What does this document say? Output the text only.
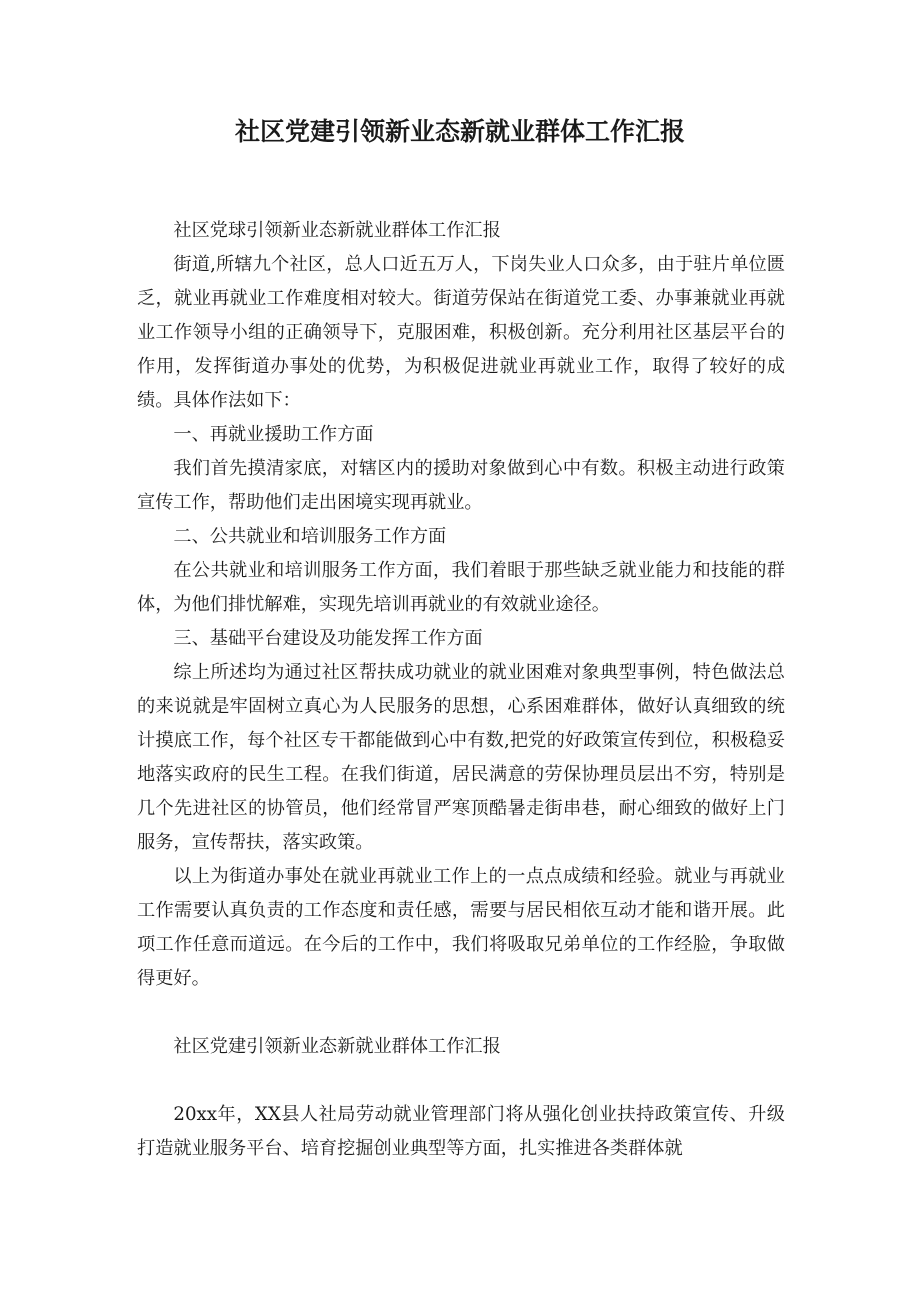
社区党建引领新业态新就业群体工作汇报

社区党球引领新业态新就业群体工作汇报

街道,所辖九个社区，总人口近五万人，下岗失业人口众多，由于驻片单位匮乏，就业再就业工作难度相对较大。街道劳保站在街道党工委、办事兼就业再就业工作领导小组的正确领导下，克服困难，积极创新。充分利用社区基层平台的作用，发挥街道办事处的优势，为积极促进就业再就业工作，取得了较好的成绩。具体作法如下：

一、再就业援助工作方面

我们首先摸清家底，对辖区内的援助对象做到心中有数。积极主动进行政策宣传工作，帮助他们走出困境实现再就业。

二、公共就业和培训服务工作方面

在公共就业和培训服务工作方面，我们着眼于那些缺乏就业能力和技能的群体，为他们排忧解难，实现先培训再就业的有效就业途径。

三、基础平台建设及功能发挥工作方面

综上所述均为通过社区帮扶成功就业的就业困难对象典型事例，特色做法总的来说就是牢固树立真心为人民服务的思想，心系困难群体，做好认真细致的统计摸底工作，每个社区专干都能做到心中有数,把党的好政策宣传到位，积极稳妥地落实政府的民生工程。在我们街道，居民满意的劳保协理员层出不穷，特别是几个先进社区的协管员，他们经常冒严寒顶酷暑走街串巷，耐心细致的做好上门服务，宣传帮扶，落实政策。

以上为街道办事处在就业再就业工作上的一点点成绩和经验。就业与再就业工作需要认真负责的工作态度和责任感，需要与居民相依互动才能和谐开展。此项工作任意而道远。在今后的工作中，我们将吸取兄弟单位的工作经脸，争取做得更好。

社区党建引领新业态新就业群体工作汇报

20xx年，XX县人社局劳动就业管理部门将从强化创业扶持政策宣传、升级打造就业服务平台、培育挖掘创业典型等方面，扎实推进各类群体就
